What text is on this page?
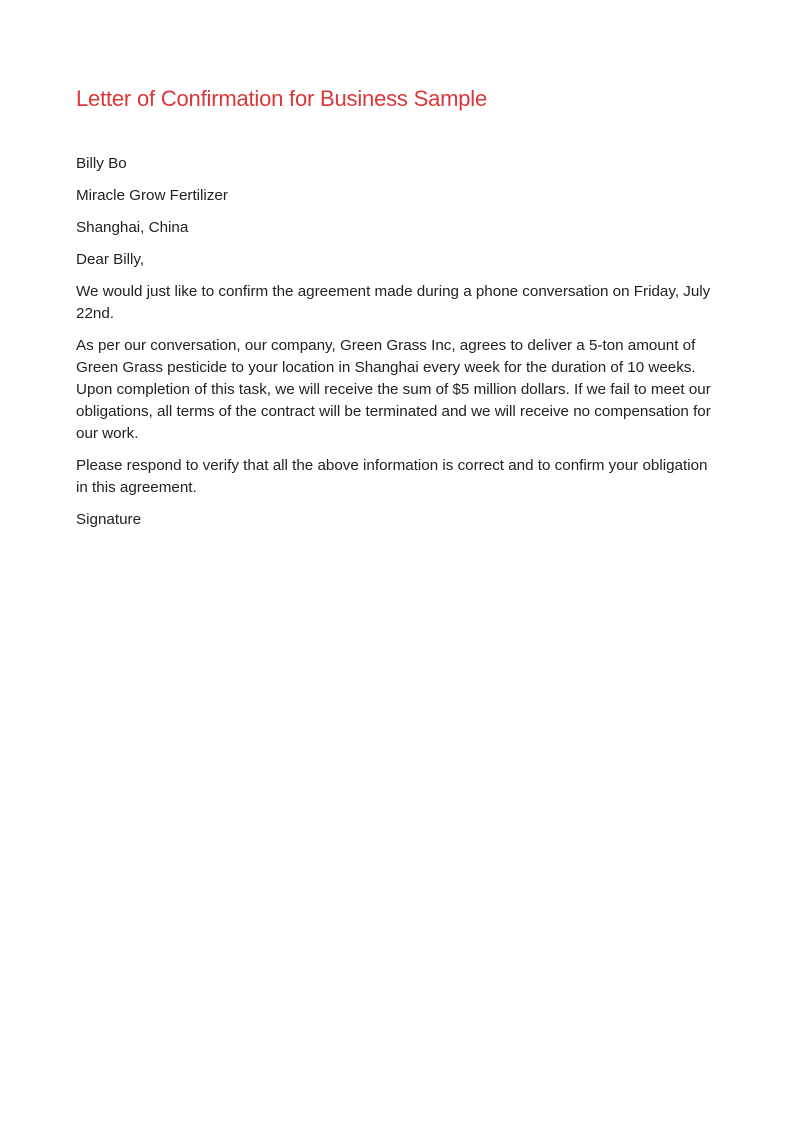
Letter of Confirmation for Business Sample

Billy Bo

Miracle Grow Fertilizer

Shanghai, China

Dear Billy,

We would just like to confirm the agreement made during a phone conversation on Friday, July 22nd.

As per our conversation, our company, Green Grass Inc, agrees to deliver a 5-ton amount of Green Grass pesticide to your location in Shanghai every week for the duration of 10 weeks. Upon completion of this task, we will receive the sum of $5 million dollars. If we fail to meet our obligations, all terms of the contract will be terminated and we will receive no compensation for our work.

Please respond to verify that all the above information is correct and to confirm your obligation in this agreement.

Signature
